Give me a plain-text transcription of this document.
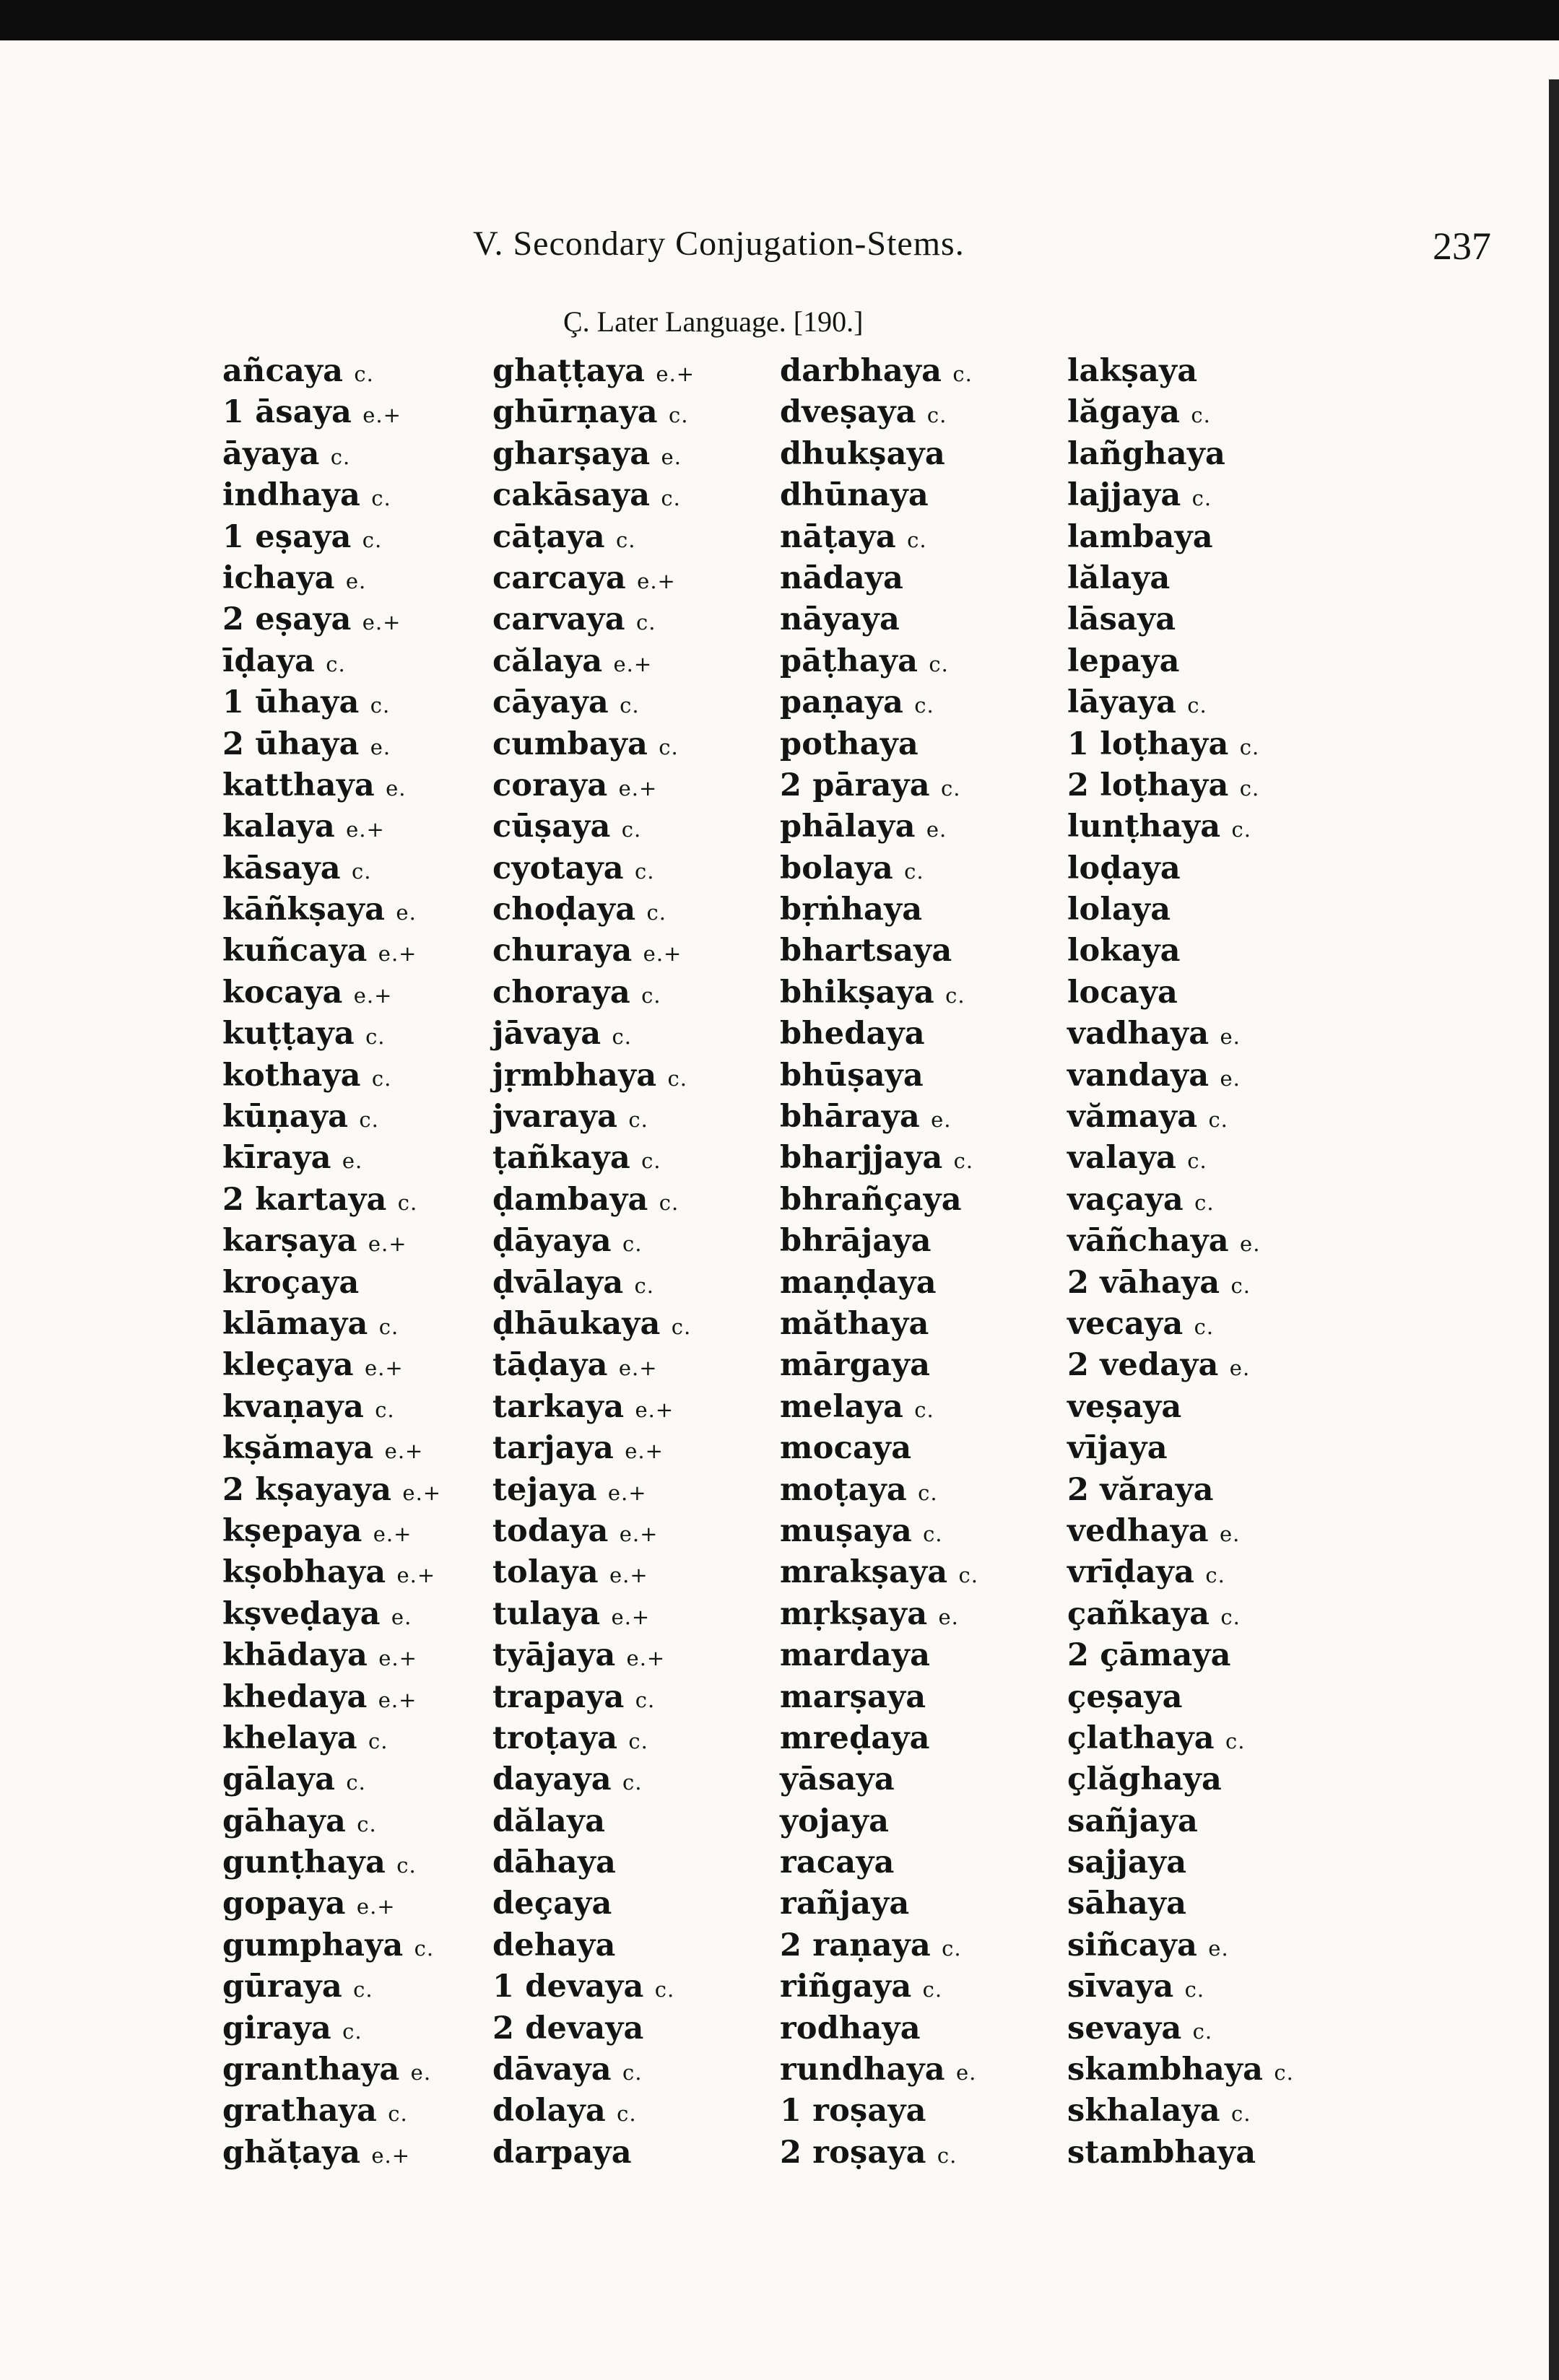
V. Secondary Conjugation-Stems.	237
Ç. Later Language. [190.]
añcaya c.
1 āsaya e.+
āyaya c.
indhaya c.
1 eṣaya c.
ichaya e.
2 eṣaya e.+
īḍaya c.
1 ūhaya c.
2 ūhaya e.
katthaya e.
kalaya e.+
kāsaya c.
kāñkṣaya e.
kuñcaya e.+
kocaya e.+
kuṭṭaya c.
kothaya c.
kūṇaya c.
kīraya e.
2 kartaya c.
karṣaya e.+
kroçaya
klāmaya c.
kleçaya e.+
kvaṇaya c.
kṣămaya e.+
2 kṣayaya e.+
kṣepaya e.+
kṣobhaya e.+
kṣveḍaya e.
khādaya e.+
khedaya e.+
khelaya c.
gālaya c.
gāhaya c.
gunṭhaya c.
gopaya e.+
gumphaya c.
gūraya c.
giraya c.
granthaya e.
grathaya c.
ghăṭaya e.+
ghaṭṭaya e.+
ghūrṇaya c.
gharṣaya e.
cakāsaya c.
cāṭaya c.
carcaya e.+
carvaya c.
călaya e.+
cāyaya c.
cumbaya c.
coraya e.+
cūṣaya c.
cyotaya c.
choḍaya c.
churaya e.+
choraya c.
jāvaya c.
jṛmbhaya c.
jvaraya c.
ṭañkaya c.
ḍambaya c.
ḍāyaya c.
ḍvālaya c.
ḍhāukaya c.
tāḍaya e.+
tarkaya e.+
tarjaya e.+
tejaya e.+
todaya e.+
tolaya e.+
tulaya e.+
tyājaya e.+
trapaya c.
troṭaya c.
dayaya c.
dălaya
dāhaya
deçaya
dehaya
1 devaya c.
2 devaya
dāvaya c.
dolaya c.
darpaya
darbhaya c.
dveṣaya c.
dhukṣaya
dhūnaya
nāṭaya c.
nādaya
nāyaya
pāṭhaya c.
paṇaya c.
pothaya
2 pāraya c.
phālaya e.
bolaya c.
bṛṅhaya
bhartsaya
bhikṣaya c.
bhedaya
bhūṣaya
bhāraya e.
bharjjaya c.
bhrañçaya
bhrājaya
maṇḍaya
măthaya
mārgaya
melaya c.
mocaya
moṭaya c.
muṣaya c.
mrakṣaya c.
mṛkṣaya e.
mardaya
marṣaya
mreḍaya
yāsaya
yojaya
racaya
rañjaya
2 raṇaya c.
riñgaya c.
rodhaya
rundhaya e.
1 roṣaya
2 roṣaya c.
lakṣaya
lăgaya c.
lañghaya
lajjaya c.
lambaya
lălaya
lāsaya
lepaya
lāyaya c.
1 loṭhaya c.
2 loṭhaya c.
lunṭhaya c.
loḍaya
lolaya
lokaya
locaya
vadhaya e.
vandaya e.
vămaya c.
valaya c.
vaçaya c.
vāñchaya e.
2 vāhaya c.
vecaya c.
2 vedaya e.
veṣaya
vījaya
2 văraya
vedhaya e.
vrīḍaya c.
çañkaya c.
2 çāmaya
çeṣaya
çlathaya c.
çlăghaya
sañjaya
sajjaya
sāhaya
siñcaya e.
sīvaya c.
sevaya c.
skambhaya c.
skhalaya c.
stambhaya
